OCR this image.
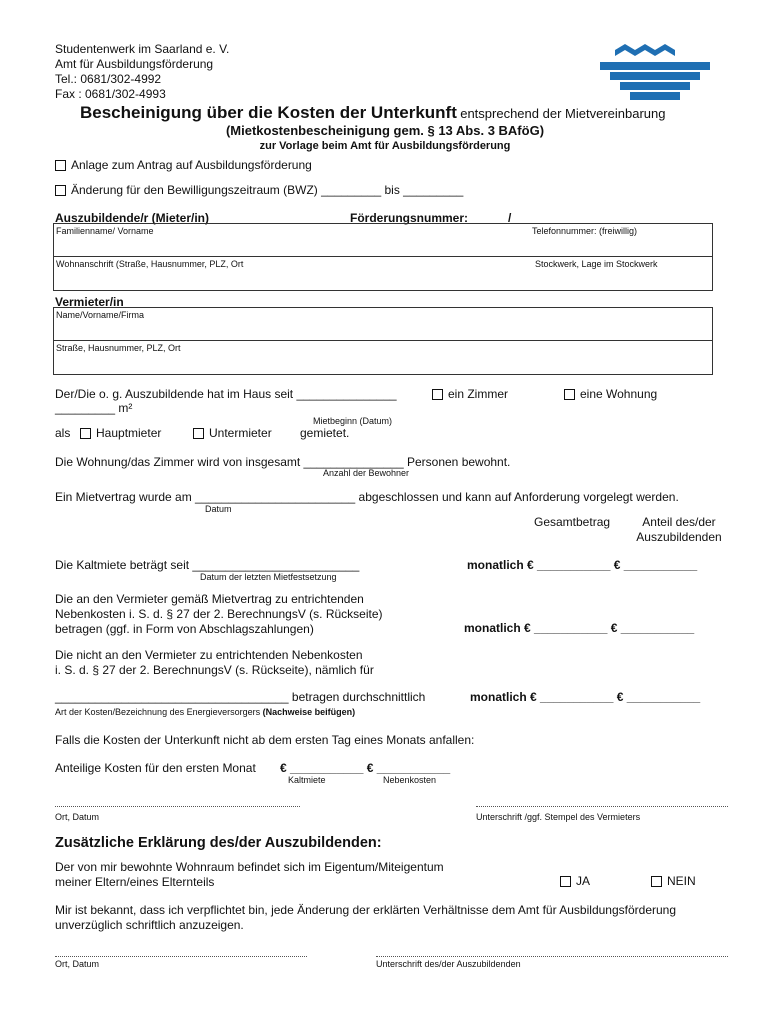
Studentenwerk im Saarland e. V.
Amt für Ausbildungsförderung
Tel.: 0681/302-4992
Fax : 0681/302-4993
Bescheinigung über die Kosten der Unterkunft entsprechend der Mietvereinbarung
(Mietkostenbescheinigung gem. § 13 Abs. 3 BAföG)
zur Vorlage beim Amt für Ausbildungsförderung
Anlage zum Antrag auf Ausbildungsförderung
Änderung für den Bewilligungszeitraum (BWZ) _________ bis _________
Auszubildende/r (Mieter/in)	Förderungsnummer: _____ / ___________________________
Familienname/ Vorname	Telefonnummer: (freiwillig)
Wohnanschrift (Straße, Hausnummer, PLZ, Ort	Stockwerk, Lage im Stockwerk
Vermieter/in
Name/Vorname/Firma
Straße, Hausnummer, PLZ, Ort
Der/Die o. g. Auszubildende hat im Haus seit _______________	ein Zimmer	eine Wohnung
_________ m²
Mietbeginn (Datum)
als	Hauptmieter	Untermieter gemietet.
Die Wohnung/das Zimmer wird von insgesamt _______________ Personen bewohnt.
Anzahl der Bewohner
Ein Mietvertrag wurde am ________________________ abgeschlossen und kann auf Anforderung vorgelegt werden.
Datum
Gesamtbetrag	Anteil des/der
Auszubildenden
Die Kaltmiete beträgt seit _________________________
Datum der letzten Mietfestsetzung
monatlich € ___________ € ___________
Die an den Vermieter gemäß Mietvertrag zu entrichtenden
Nebenkosten i. S. d. § 27 der 2. BerechnungsV (s. Rückseite)
betragen (ggf. in Form von Abschlagszahlungen)	monatlich € ___________ € ___________
Die nicht an den Vermieter zu entrichtenden Nebenkosten
i. S. d. § 27 der 2. BerechnungsV (s. Rückseite), nämlich für
___________________________________ betragen durchschnittlich	monatlich € ___________ € ___________
Art der Kosten/Bezeichnung des Energieversorgers (Nachweise beifügen)
Falls die Kosten der Unterkunft nicht ab dem ersten Tag eines Monats anfallen:
Anteilige Kosten für den ersten Monat € ___________ € ___________
Kaltmiete	Nebenkosten
Ort, Datum	Unterschrift /ggf. Stempel des Vermieters
Zusätzliche Erklärung des/der Auszubildenden:
Der von mir bewohnte Wohnraum befindet sich im Eigentum/Miteigentum
meiner Eltern/eines Elternteils	JA	NEIN
Mir ist bekannt, dass ich verpflichtet bin, jede Änderung der erklärten Verhältnisse dem Amt für Ausbildungsförderung
unverzüglich schriftlich anzuzeigen.
Ort, Datum	Unterschrift des/der Auszubildenden
